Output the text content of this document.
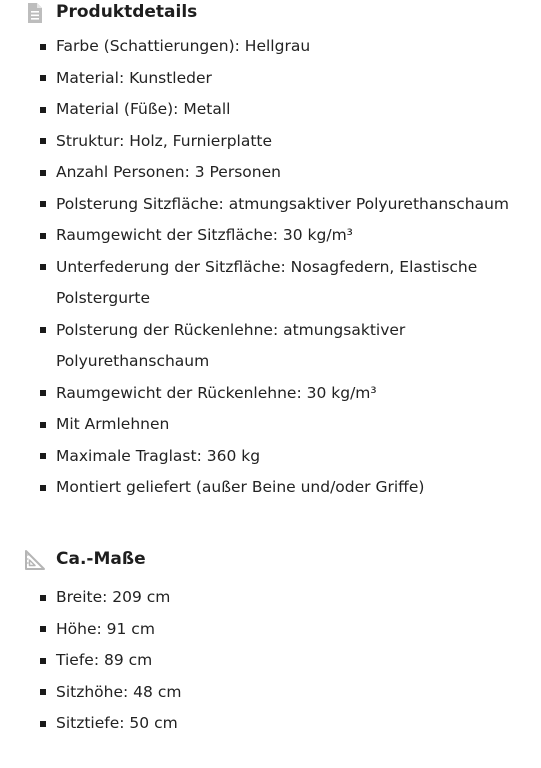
Produktdetails
Farbe (Schattierungen): Hellgrau
Material: Kunstleder
Material (Füße): Metall
Struktur: Holz, Furnierplatte
Anzahl Personen: 3 Personen
Polsterung Sitzfläche: atmungsaktiver Polyurethanschaum
Raumgewicht der Sitzfläche: 30 kg/m³
Unterfederung der Sitzfläche: Nosagfedern, Elastische Polstergurte
Polsterung der Rückenlehne: atmungsaktiver Polyurethanschaum
Raumgewicht der Rückenlehne: 30 kg/m³
Mit Armlehnen
Maximale Traglast: 360 kg
Montiert geliefert (außer Beine und/oder Griffe)
Ca.-Maße
Breite: 209 cm
Höhe: 91 cm
Tiefe: 89 cm
Sitzhöhe: 48 cm
Sitztiefe: 50 cm
